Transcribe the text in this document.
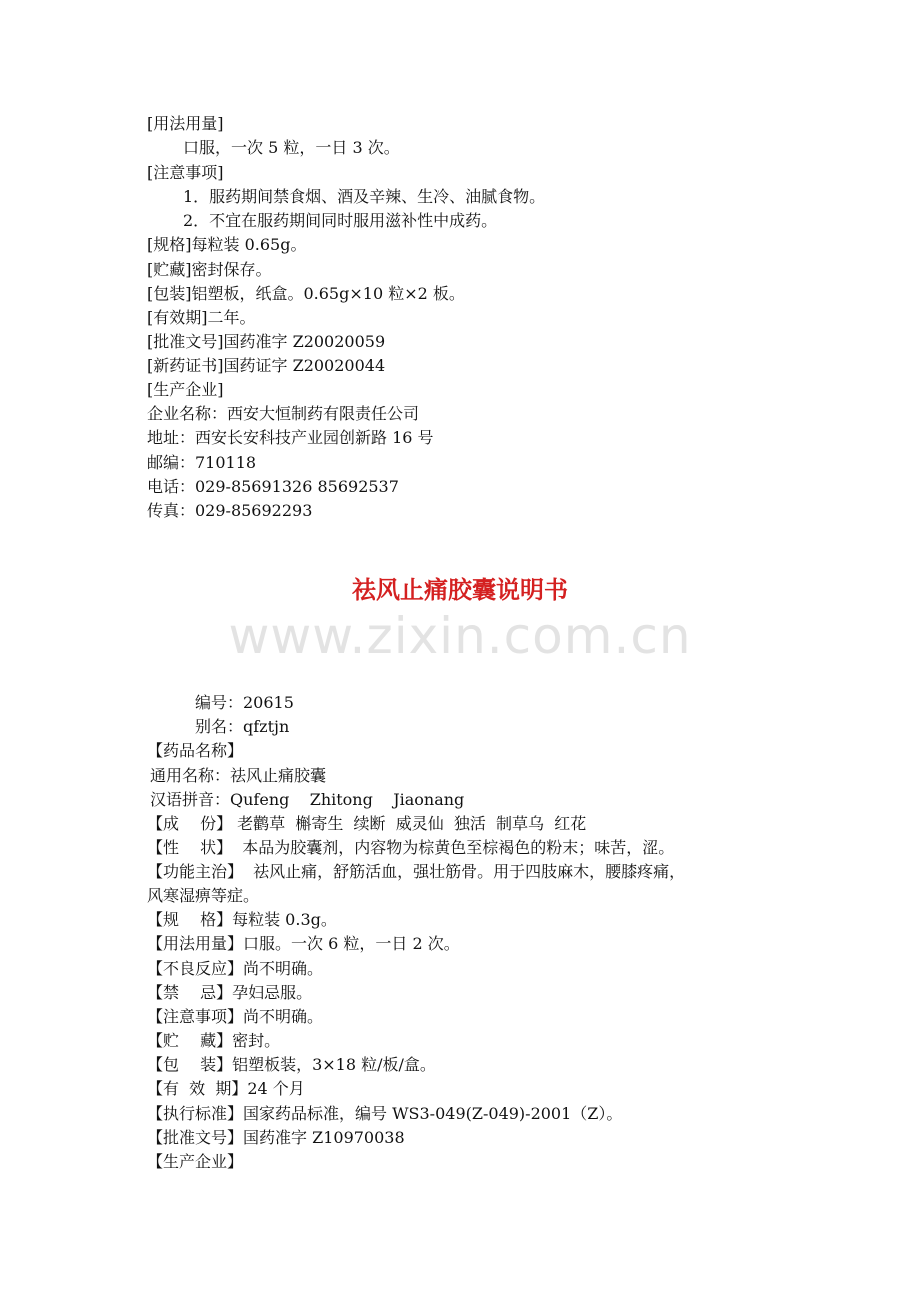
[用法用量]
口服，一次 5 粒，一日 3 次。
[注意事项]
1．服药期间禁食烟、酒及辛辣、生冷、油腻食物。
2．不宜在服药期间同时服用滋补性中成药。
[规格]每粒装 0.65g。
[贮藏]密封保存。
[包装]铝塑板，纸盒。0.65g×10 粒×2 板。
[有效期]二年。
[批准文号]国药准字 Z20020059
[新药证书]国药证字 Z20020044
[生产企业]
企业名称：西安大恒制药有限责任公司
地址：西安长安科技产业园创新路 16 号
邮编：710118
电话：029-85691326 85692537
传真：029-85692293
祛风止痛胶囊说明书
www.zixin.com.cn
编号：20615
别名：qfztjn
【药品名称】
通用名称：祛风止痛胶囊
汉语拼音：Qufeng    Zhitong    Jiaonang
【成　 份】 老鹳草  槲寄生  续断  威灵仙  独活  制草乌  红花
【性　 状】  本品为胶囊剂，内容物为棕黄色至棕褐色的粉末；味苦，涩。
【功能主治】  祛风止痛，舒筋活血，强壮筋骨。用于四肢麻木，腰膝疼痛，
风寒湿痹等症。
【规　 格】每粒装 0.3g。
【用法用量】口服。一次 6 粒，一日 2 次。
【不良反应】尚不明确。
【禁　 忌】孕妇忌服。
【注意事项】尚不明确。
【贮　 藏】密封。
【包　 装】铝塑板装，3×18 粒/板/盒。
【有  效  期】24 个月
【执行标准】国家药品标准，编号 WS3-049(Z-049)-2001（Z）。
【批准文号】国药准字 Z10970038
【生产企业】
